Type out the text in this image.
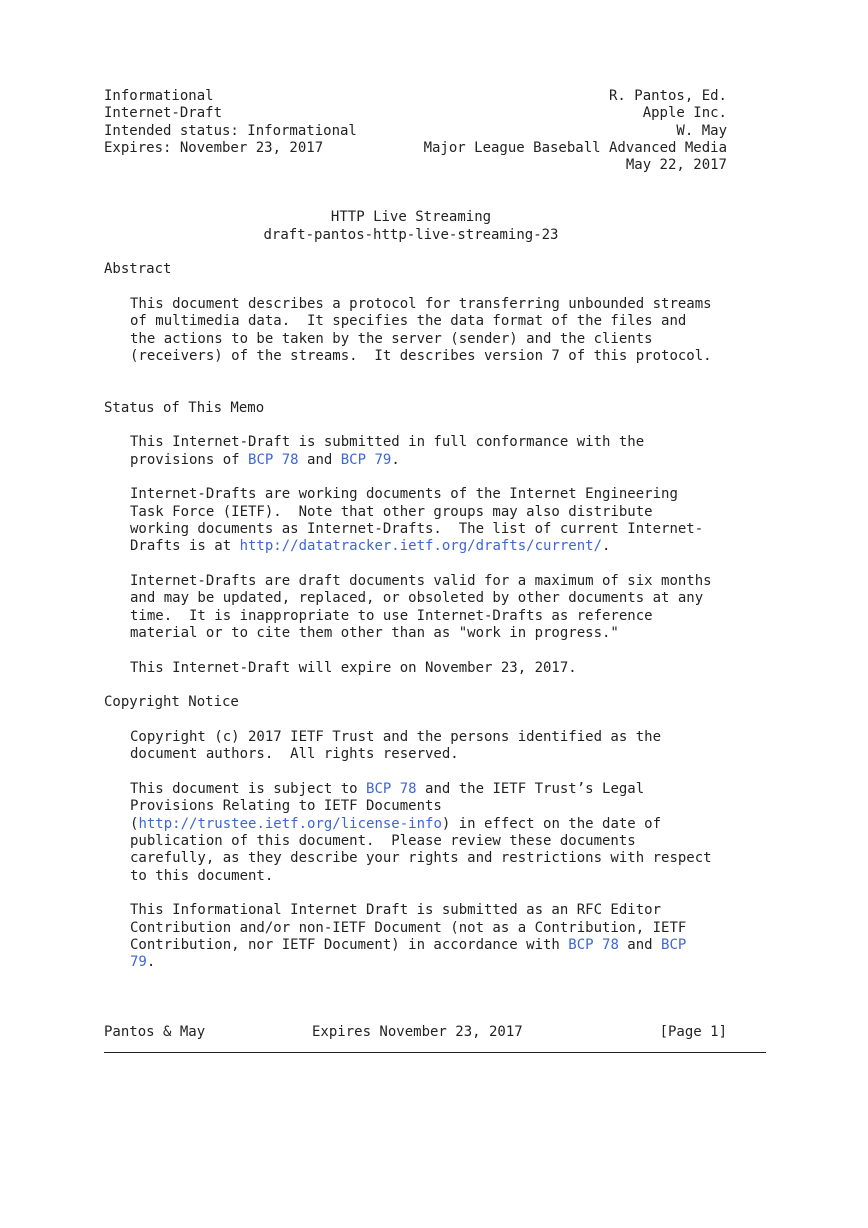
Informational
Internet-Draft
Intended status: Informational
Expires: November 23, 2017
R. Pantos, Ed.
Apple Inc.
W. May
Major League Baseball Advanced Media
May 22, 2017
HTTP Live Streaming
draft-pantos-http-live-streaming-23
Abstract
This document describes a protocol for transferring unbounded streams
of multimedia data.  It specifies the data format of the files and
the actions to be taken by the server (sender) and the clients
(receivers) of the streams.  It describes version 7 of this protocol.
Status of This Memo
This Internet-Draft is submitted in full conformance with the
provisions of BCP 78 and BCP 79.
Internet-Drafts are working documents of the Internet Engineering
Task Force (IETF).  Note that other groups may also distribute
working documents as Internet-Drafts.  The list of current Internet-
Drafts is at http://datatracker.ietf.org/drafts/current/.
Internet-Drafts are draft documents valid for a maximum of six months
and may be updated, replaced, or obsoleted by other documents at any
time.  It is inappropriate to use Internet-Drafts as reference
material or to cite them other than as "work in progress."
This Internet-Draft will expire on November 23, 2017.
Copyright Notice
Copyright (c) 2017 IETF Trust and the persons identified as the
document authors.  All rights reserved.
This document is subject to BCP 78 and the IETF Trust’s Legal
Provisions Relating to IETF Documents
(http://trustee.ietf.org/license-info) in effect on the date of
publication of this document.  Please review these documents
carefully, as they describe your rights and restrictions with respect
to this document.
This Informational Internet Draft is submitted as an RFC Editor
Contribution and/or non-IETF Document (not as a Contribution, IETF
Contribution, nor IETF Document) in accordance with BCP 78 and BCP
79.
Pantos & May	Expires November 23, 2017	[Page 1]
